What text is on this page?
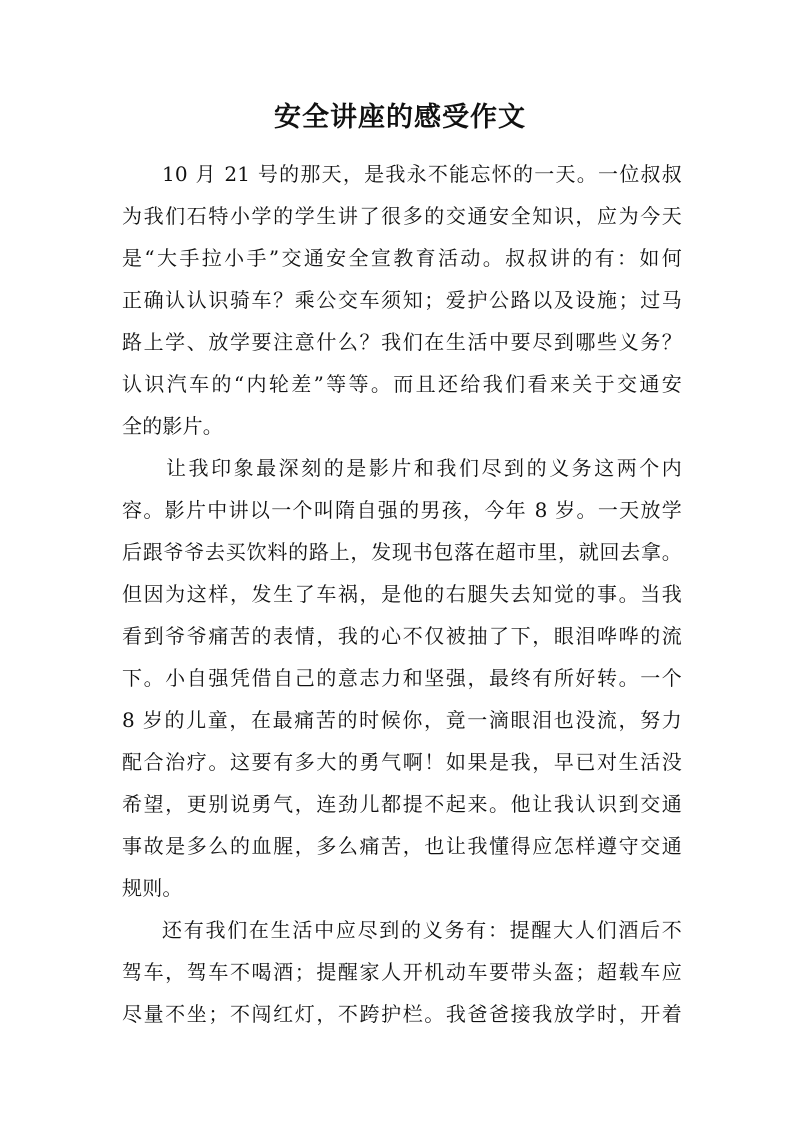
安全讲座的感受作文
10 月 21 号的那天，是我永不能忘怀的一天。一位叔叔
为我们石特小学的学生讲了很多的交通安全知识，应为今天
是“大手拉小手”交通安全宣教育活动。叔叔讲的有：如何
正确认认识骑车？乘公交车须知；爱护公路以及设施；过马
路上学、放学要注意什么？我们在生活中要尽到哪些义务？
认识汽车的“内轮差”等等。而且还给我们看来关于交通安
全的影片。
让我印象最深刻的是影片和我们尽到的义务这两个内
容。影片中讲以一个叫隋自强的男孩，今年 8 岁。一天放学
后跟爷爷去买饮料的路上，发现书包落在超市里，就回去拿。
但因为这样，发生了车祸，是他的右腿失去知觉的事。当我
看到爷爷痛苦的表情，我的心不仅被抽了下，眼泪哗哗的流
下。小自强凭借自己的意志力和坚强，最终有所好转。一个
8 岁的儿童，在最痛苦的时候你，竟一滴眼泪也没流，努力
配合治疗。这要有多大的勇气啊！如果是我，早已对生活没
希望，更别说勇气，连劲儿都提不起来。他让我认识到交通
事故是多么的血腥，多么痛苦，也让我懂得应怎样遵守交通
规则。
还有我们在生活中应尽到的义务有：提醒大人们酒后不
驾车，驾车不喝酒；提醒家人开机动车要带头盔；超载车应
尽量不坐；不闯红灯，不跨护栏。我爸爸接我放学时，开着
